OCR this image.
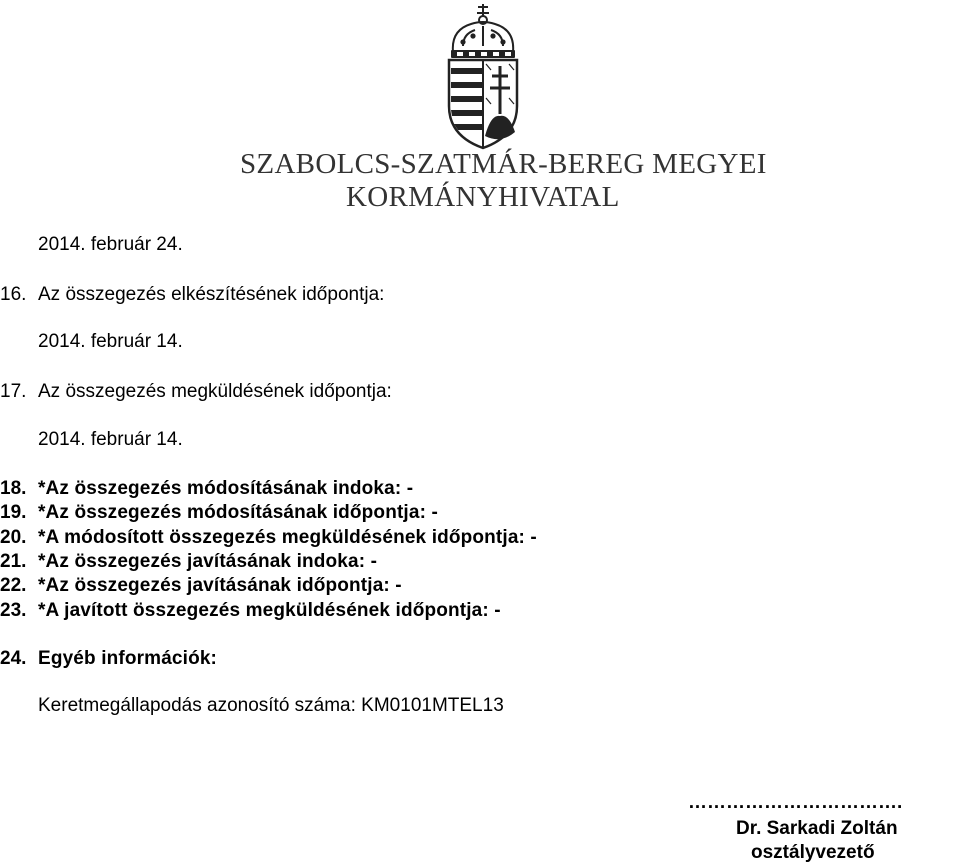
SZABOLCS-SZATMÁR-BEREG MEGYEI
KORMÁNYHIVATAL
2014. február 24.
16. Az összegezés elkészítésének időpontja:
2014. február 14.
17. Az összegezés megküldésének időpontja:
2014. február 14.
18. *Az összegezés módosításának indoka: -
19. *Az összegezés módosításának időpontja: -
20. *A módosított összegezés megküldésének időpontja: -
21. *Az összegezés javításának indoka: -
22. *Az összegezés javításának időpontja: -
23. *A javított összegezés megküldésének időpontja: -
24. Egyéb információk:
Keretmegállapodás azonosító száma: KM0101MTEL13
…………………………….
Dr. Sarkadi Zoltán
osztályvezető
